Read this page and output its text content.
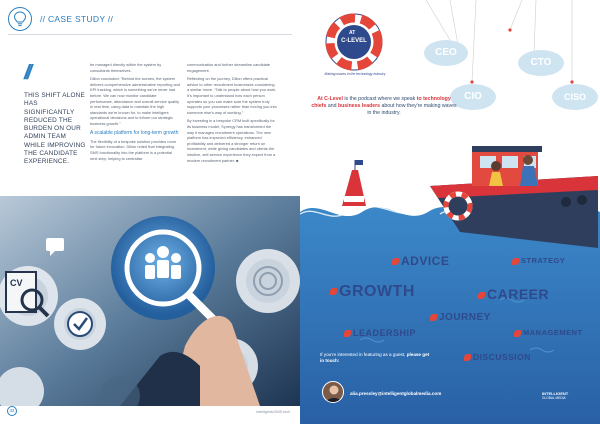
// CASE STUDY //
//
THIS SHIFT ALONE HAS SIGNIFICANTLY REDUCED THE BURDEN ON OUR ADMIN TEAM WHILE IMPROVING THE CANDIDATE EXPERIENCE.

be managed directly within the system by consultants themselves.

Dillon concluded: “Behind the scenes, the system delivers comprehensive administrative reporting and KPI tracking, which is something we've never had before. We can now monitor candidate performance, attendance and overall service quality in real time, using data to maintain the high standards we're known for, to make intelligent operational decisions and to inform our strategic business growth.”

A scalable platform for long-term growth

The flexibility of a bespoke solution provides room for future innovation. Dillon noted that integrating SMS functionality into the platform is a potential next step; helping to centralise

communication and further streamline candidate engagement.

Reflecting on the journey, Dillon offers practical advice to other recruitment businesses considering a similar move. “Talk to people about how you work. It's important to understand how each person operates so you can make sure the system truly supports your processes rather than forcing you into someone else's way of working.”

By investing in a bespoke CRM built specifically for its business model, Synergy has transformed the way it manages recruitment operations. The new platform has improved efficiency, enhanced profitability and delivered a stronger return on investment, while giving candidates and clients the intuitive, self-service experience they expect from a modern recruitment partner. ■

CV
32	intelligentcSMS.tech
AT
C-LEVEL
Making waves in the technology industry
CEO
CTO
CIO	CISO
At C-Level is the podcast where we speak to technology chiefs and business leaders about how they're making waves in the industry.
ADVICE	STRATEGY
GROWTH	CAREER
JOURNEY
LEADERSHIP	MANAGEMENT
DISCUSSION
If you're interested in featuring as a guest, please get in touch:
alia.pressley@intelligentglobalmedia.com	INTELLIGENT
GLOBAL MEDIA
